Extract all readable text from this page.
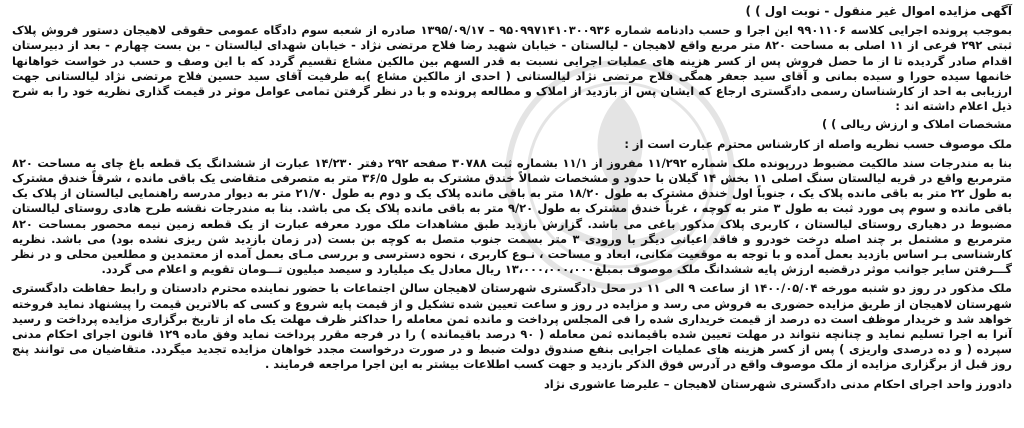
آگهی مزایده اموال غیر منقول - نوبت اول ) )

بموجب پرونده اجرایی کلاسه ۹۹۰۱۱۰۶ این اجرا و حسب دادنامه شماره ۹۵۰۹۹۷۱۴۱۰۳۰۰۹۳۶ – ۱۳۹۵/۰۹/۱۷ صادره از شعبه سوم دادگاه عمومی حقوقی لاهیجان دستور فروش پلاک ثبتی ۲۹۲ فرعی از ۱۱ اصلی به مساحت ۸۲۰ متر مربع واقع لاهیجان - لیالستان - خیابان شهید رضا فلاح مرتضی نژاد - خیابان شهدای لیالستان - بن بست چهارم - بعد از دبیرستان اقدام صادر گردیده تا از ما حصل فروش پس از کسر هزینه های عملیات اجرایی نسبت به قدر السهم بین مالکین مشاع تقسیم گردد که با این وصف و حسب در خواست خواهانها خانمها سیده حورا و سیده بمانی و آقای سید جعفر همگی فلاح مرتضی نژاد لیالستانی ( احدی از مالکین مشاع )به طرفیت آقای سید حسین فلاح مرتضی نژاد لیالستانی جهت ارزیابی به احد از کارشناسان رسمی دادگستری ارجاع که ایشان پس از بازدید از املاک و مطالعه پرونده و با در نظر گرفتن تمامی عوامل موثر در قیمت گذاری نظریه خود را به شرح ذیل اعلام داشته اند :

مشخصات املاک و ارزش ریالی ) )

ملک موصوف حسب نظریه واصله از کارشناس محترم عبارت است از :

بنا به مندرجات سند مالکیت مضبوط دررپونده ملک شماره ۱۱/۲۹۲ مفروز از ۱۱/۱ بشماره ثبت ۳۰۷۸۸ صفحه ۲۹۲ دفتر ۱۴/۲۳۰ عبارت از ششدانگ یک قطعه باغ چای به مساحت ۸۲۰ مترمربع واقع در قریه لیالستان سنگ اصلی ۱۱ بخش ۱۴ گیلان با حدود و مشخصات شمالاً خندق مشترک به طول ۳۶/۵ متر به متصرفی متقاضی یک باقی مانده ، شرقاً خندق مشترک به طول ۲۲ متر به باقی مانده پلاک یک ، جنوباً اول خندق مشترک به طول ۱۸/۲۰ متر به باقی مانده پلاک یک و دوم به طول ۲۱/۷۰ متر به دیوار مدرسه راهنمایی لیالستان از پلاک یک باقی مانده و سوم پی مورد ثبت به طول ۳ متر به کوچه ، غرباً خندق مشترک به طول ۹/۲۰ متر به باقی مانده پلاک یک می باشد. بنا به مندرجات نقشه طرح هادی روستای لیالستان مضبوط در دهیاری روستای لیالستان ، کاربری پلاک مذکور باغی می باشد. گزارش بازدید طبق مشاهدات ملک مورد معرفه عبارت از یک قطعه زمین نیمه محصور بمساحت ۸۲۰ مترمربع و مشتمل بر چند اصله درخت خودرو و فاقد اعیانی دیگر با ورودی ۳ متر بسمت جنوب متصل به کوچه بن بست (در زمان بازدید شن ریزی نشده بود) می باشد. نظریه کارشناسی بـر اساس بازدید بعمل آمده و با توجه به موقعیت مکانی، ابعاد و مساحت ، نـوع کاربری ، نحوه دسترسی و بررسی مـای بعمل آمده از معتمدین و مطلعین محلی و در نظر گـــرفتن سایر جوانب موثر درقضیه ارزش پایه ششدانگ ملک موصوف بمبلغ۱۳،۰۰۰،۰۰۰،۰۰۰ ریال معادل یک میلیارد و سیصد میلیون تـــومان تقویم و اعلام می گردد.

ملک مذکور در روز دو شنبه مورخه ۱۴۰۰/۰۵/۰۴ از ساعت ۹ الی ۱۱ در محل دادگستری شهرستان لاهیجان سالن اجتماعات با حضور نماینده محترم دادستان و رابط حفاظت دادگستری شهرستان لاهیجان از طریق مزایده حضوری به فروش می رسد و مزایده در روز و ساعت تعیین شده تشکیل و از قیمت پایه شروع و کسی که بالاترین قیمت را پیشنهاد نماید فروخته خواهد شد و خریدار موظف است ده درصد از قیمت خریداری شده را فی المجلس پرداخت و مانده ثمن معامله را حداکثر ظرف مهلت یک ماه از تاریخ برگزاری مزایده پرداخت و رسید آنرا به اجرا تسلیم نماید و چنانچه نتواند در مهلت تعیین شده باقیمانده ثمن معامله ( ۹۰ درصد باقیمانده ) را در فرجه مقرر پرداخت نماید وفق ماده ۱۲۹ قانون اجرای احکام مدنی سپرده ( و ده درصدی واریزی ) پس از کسر هزینه های عملیات اجرایی بنفع صندوق دولت ضبط و در صورت درخواست مجدد خواهان مزایده تجدید میگردد. متقاضیان می توانند پنج روز قبل از برگزاری مزایده از ملک موصوف واقع در آدرس فوق الذکر بازدید و جهت کسب اطلاعات بیشتر به این اجرا مراجعه فرمایند .

دادورز واحد اجرای احکام مدنی دادگستری شهرستان لاهیجان – علیرضا عاشوری نژاد
